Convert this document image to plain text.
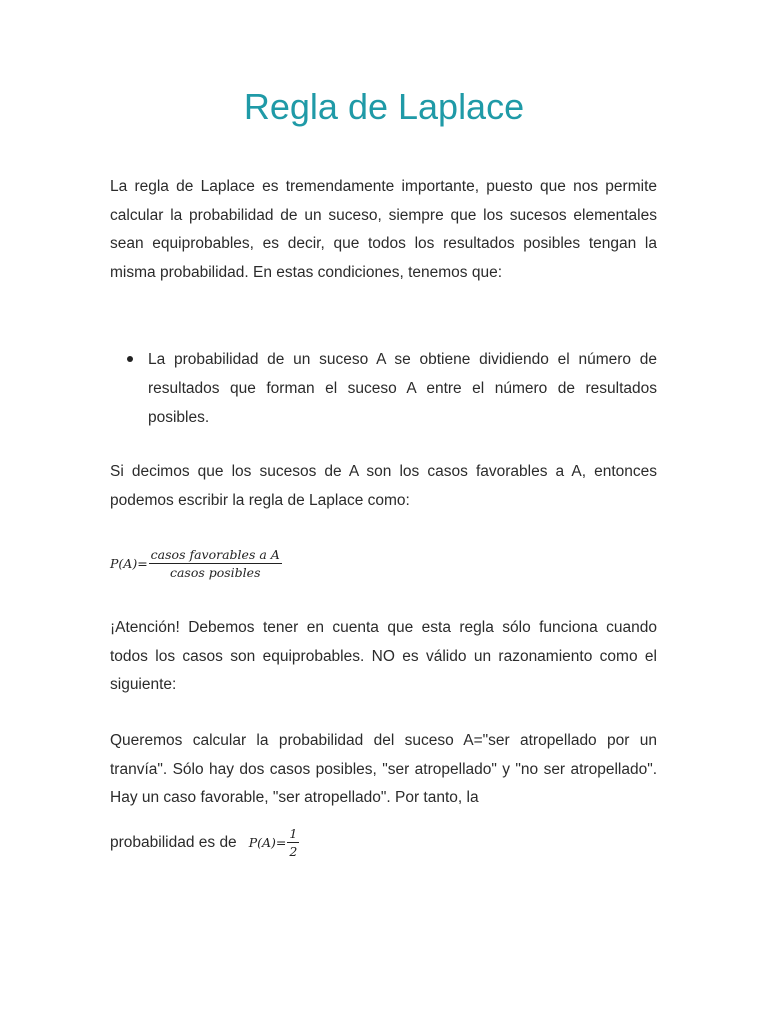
Regla de Laplace

La regla de Laplace es tremendamente importante, puesto que nos permite calcular la probabilidad de un suceso, siempre que los sucesos elementales sean equiprobables, es decir, que todos los resultados posibles tengan la misma probabilidad. En estas condiciones, tenemos que:

La probabilidad de un suceso A se obtiene dividiendo el número de resultados que forman el suceso A entre el número de resultados posibles.

Si decimos que los sucesos de A son los casos favorables a A, entonces podemos escribir la regla de Laplace como:

$P(A)= \frac{\text{casos favorables a A}}{\text{casos posibles}}$

¡Atención! Debemos tener en cuenta que esta regla sólo funciona cuando todos los casos son equiprobables. NO es válido un razonamiento como el siguiente:

Queremos calcular la probabilidad del suceso A="ser atropellado por un tranvía". Sólo hay dos casos posibles, "ser atropellado" y "no ser atropellado". Hay un caso favorable, "ser atropellado". Por tanto, la

probabilidad es de $P(A)= \frac{1}{2}$
